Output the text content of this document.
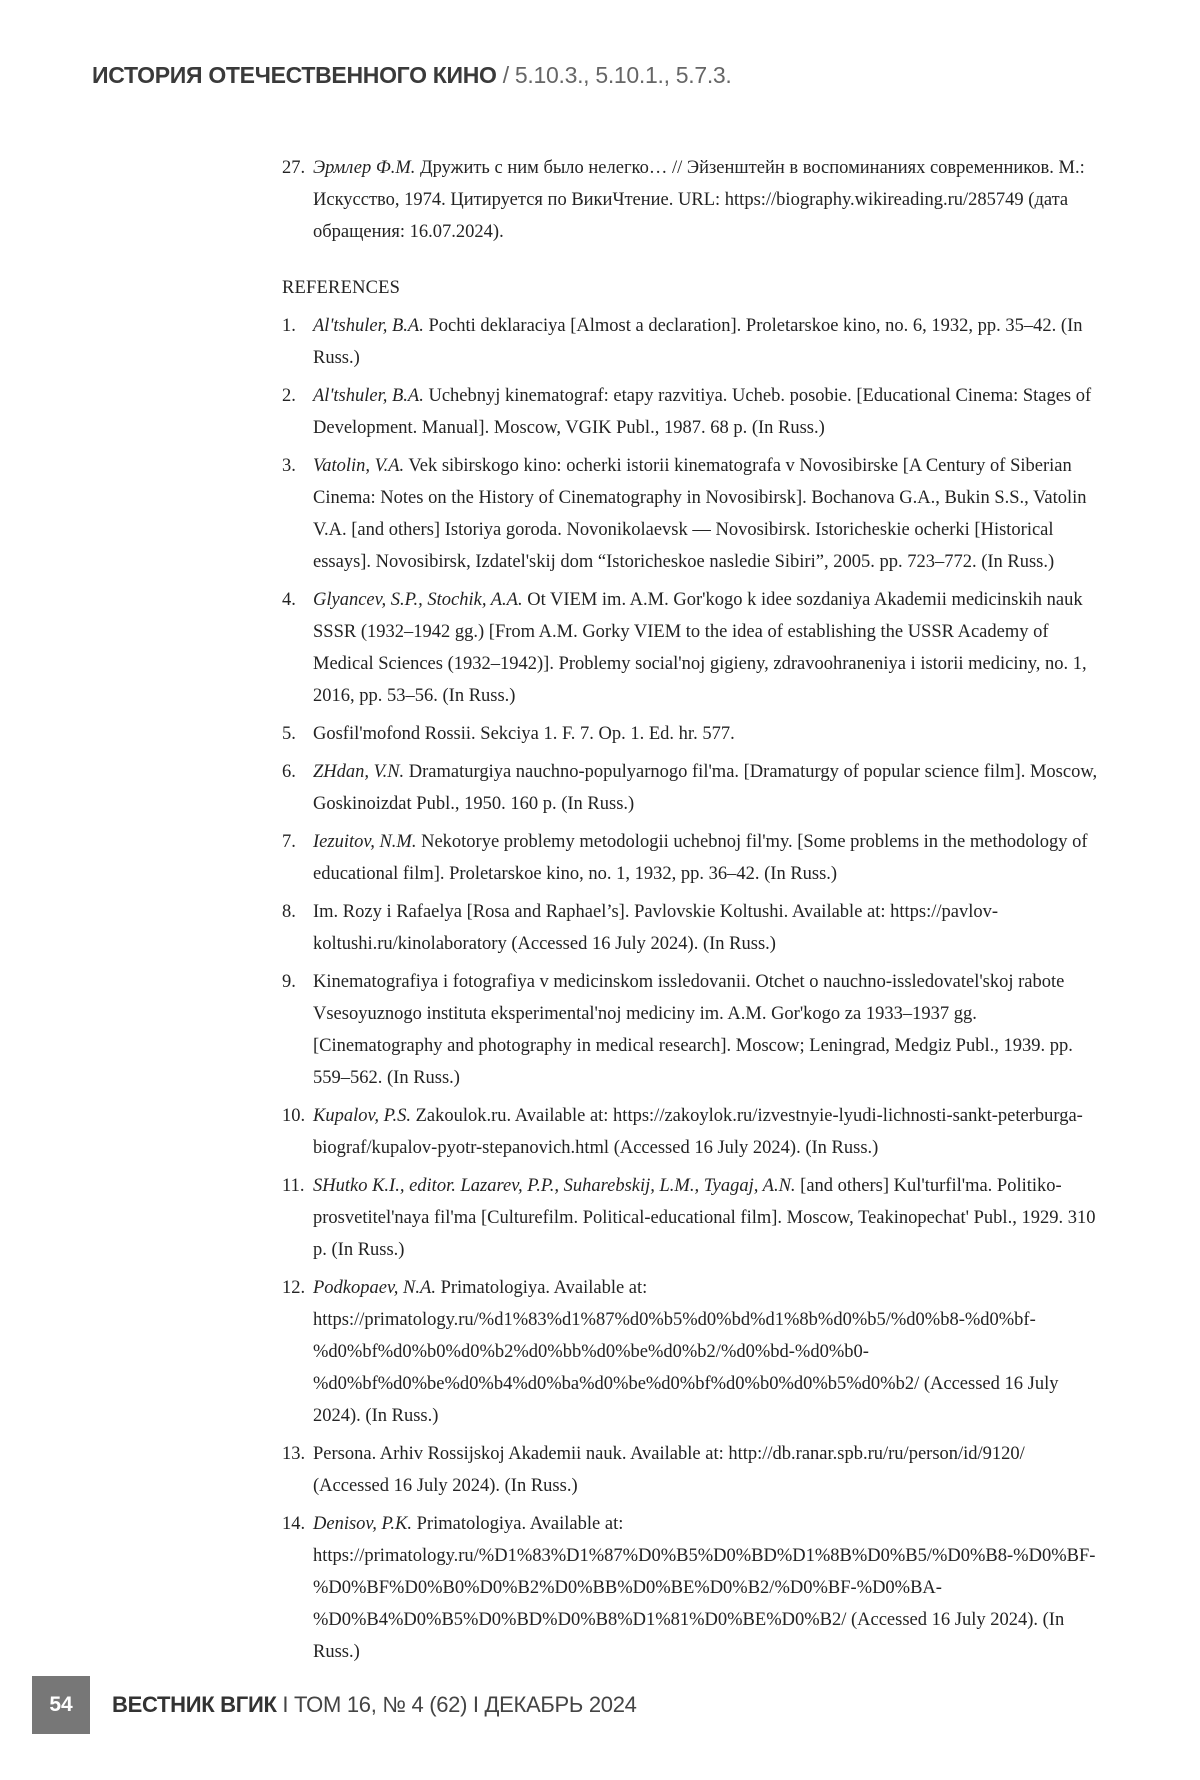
ИСТОРИЯ ОТЕЧЕСТВЕННОГО КИНО / 5.10.3., 5.10.1., 5.7.3.
27. Эрмлер Ф.М. Дружить с ним было нелегко… // Эйзенштейн в воспоминаниях современников. М.: Искусство, 1974. Цитируется по ВикиЧтение. URL: https://biography.wikireading.ru/285749 (дата обращения: 16.07.2024).
REFERENCES
1. Al'tshuler, B.A. Pochti deklaraciya [Almost a declaration]. Proletarskoe kino, no. 6, 1932, pp. 35–42. (In Russ.)
2. Al'tshuler, B.A. Uchebnyj kinematograf: etapy razvitiya. Ucheb. posobie. [Educational Cinema: Stages of Development. Manual]. Moscow, VGIK Publ., 1987. 68 p. (In Russ.)
3. Vatolin, V.A. Vek sibirskogo kino: ocherki istorii kinematografa v Novosibirske [A Century of Siberian Cinema: Notes on the History of Cinematography in Novosibirsk]. Bochanova G.A., Bukin S.S., Vatolin V.A. [and others] Istoriya goroda. Novonikolaevsk — Novosibirsk. Istoricheskie ocherki [Historical essays]. Novosibirsk, Izdatel'skij dom “Istoricheskoe nasledie Sibiri”, 2005. pp. 723–772. (In Russ.)
4. Glyancev, S.P., Stochik, A.A. Ot VIEM im. A.M. Gor'kogo k idee sozdaniya Akademii medicinskih nauk SSSR (1932–1942 gg.) [From A.M. Gorky VIEM to the idea of establishing the USSR Academy of Medical Sciences (1932–1942)]. Problemy social'noj gigieny, zdravoohraneniya i istorii mediciny, no. 1, 2016, pp. 53–56. (In Russ.)
5. Gosfil'mofond Rossii. Sekciya 1. F. 7. Op. 1. Ed. hr. 577.
6. ZHdan, V.N. Dramaturgiya nauchno-populyarnogo fil'ma. [Dramaturgy of popular science film]. Moscow, Goskinoizdat Publ., 1950. 160 p. (In Russ.)
7. Iezuitov, N.M. Nekotorye problemy metodologii uchebnoj fil'my. [Some problems in the methodology of educational film]. Proletarskoe kino, no. 1, 1932, pp. 36–42. (In Russ.)
8. Im. Rozy i Rafaelya [Rosa and Raphael’s]. Pavlovskie Koltushi. Available at: https://pavlov-koltushi.ru/kinolaboratory (Accessed 16 July 2024). (In Russ.)
9. Kinematografiya i fotografiya v medicinskom issledovanii. Otchet o nauchno-issledovatel'skoj rabote Vsesoyuznogo instituta eksperimental'noj mediciny im. A.M. Gor'kogo za 1933–1937 gg. [Cinematography and photography in medical research]. Moscow; Leningrad, Medgiz Publ., 1939. pp. 559–562. (In Russ.)
10. Kupalov, P.S. Zakoulok.ru. Available at: https://zakoylok.ru/izvestnyie-lyudi-lichnosti-sankt-peterburga-biograf/kupalov-pyotr-stepanovich.html (Accessed 16 July 2024). (In Russ.)
11. SHutko K.I., editor. Lazarev, P.P., Suharebskij, L.M., Tyagaj, A.N. [and others] Kul'turfil'ma. Politiko-prosvetitel'naya fil'ma [Culturefilm. Political-educational film]. Moscow, Teakinopechat' Publ., 1929. 310 p. (In Russ.)
12. Podkopaev, N.A. Primatologiya. Available at: https://primatology.ru/%d1%83%d1%87%d0%b5%d0%bd%d1%8b%d0%b5/%d0%b8-%d0%bf-%d0%bf%d0%b0%d0%b2%d0%bb%d0%be%d0%b2/%d0%bd-%d0%b0-%d0%bf%d0%be%d0%b4%d0%ba%d0%be%d0%bf%d0%b0%d0%b5%d0%b2/ (Accessed 16 July 2024). (In Russ.)
13. Persona. Arhiv Rossijskoj Akademii nauk. Available at: http://db.ranar.spb.ru/ru/person/id/9120/ (Accessed 16 July 2024). (In Russ.)
14. Denisov, P.K. Primatologiya. Available at: https://primatology.ru/%D1%83%D1%87%D0%B5%D0%BD%D1%8B%D0%B5/%D0%B8-%D0%BF-%D0%BF%D0%B0%D0%B2%D0%BB%D0%BE%D0%B2/%D0%BF-%D0%BA-%D0%B4%D0%B5%D0%BD%D0%B8%D1%81%D0%BE%D0%B2/ (Accessed 16 July 2024). (In Russ.)
54	ВЕСТНИК ВГИК I ТОМ 16, № 4 (62) I ДЕКАБРЬ 2024
